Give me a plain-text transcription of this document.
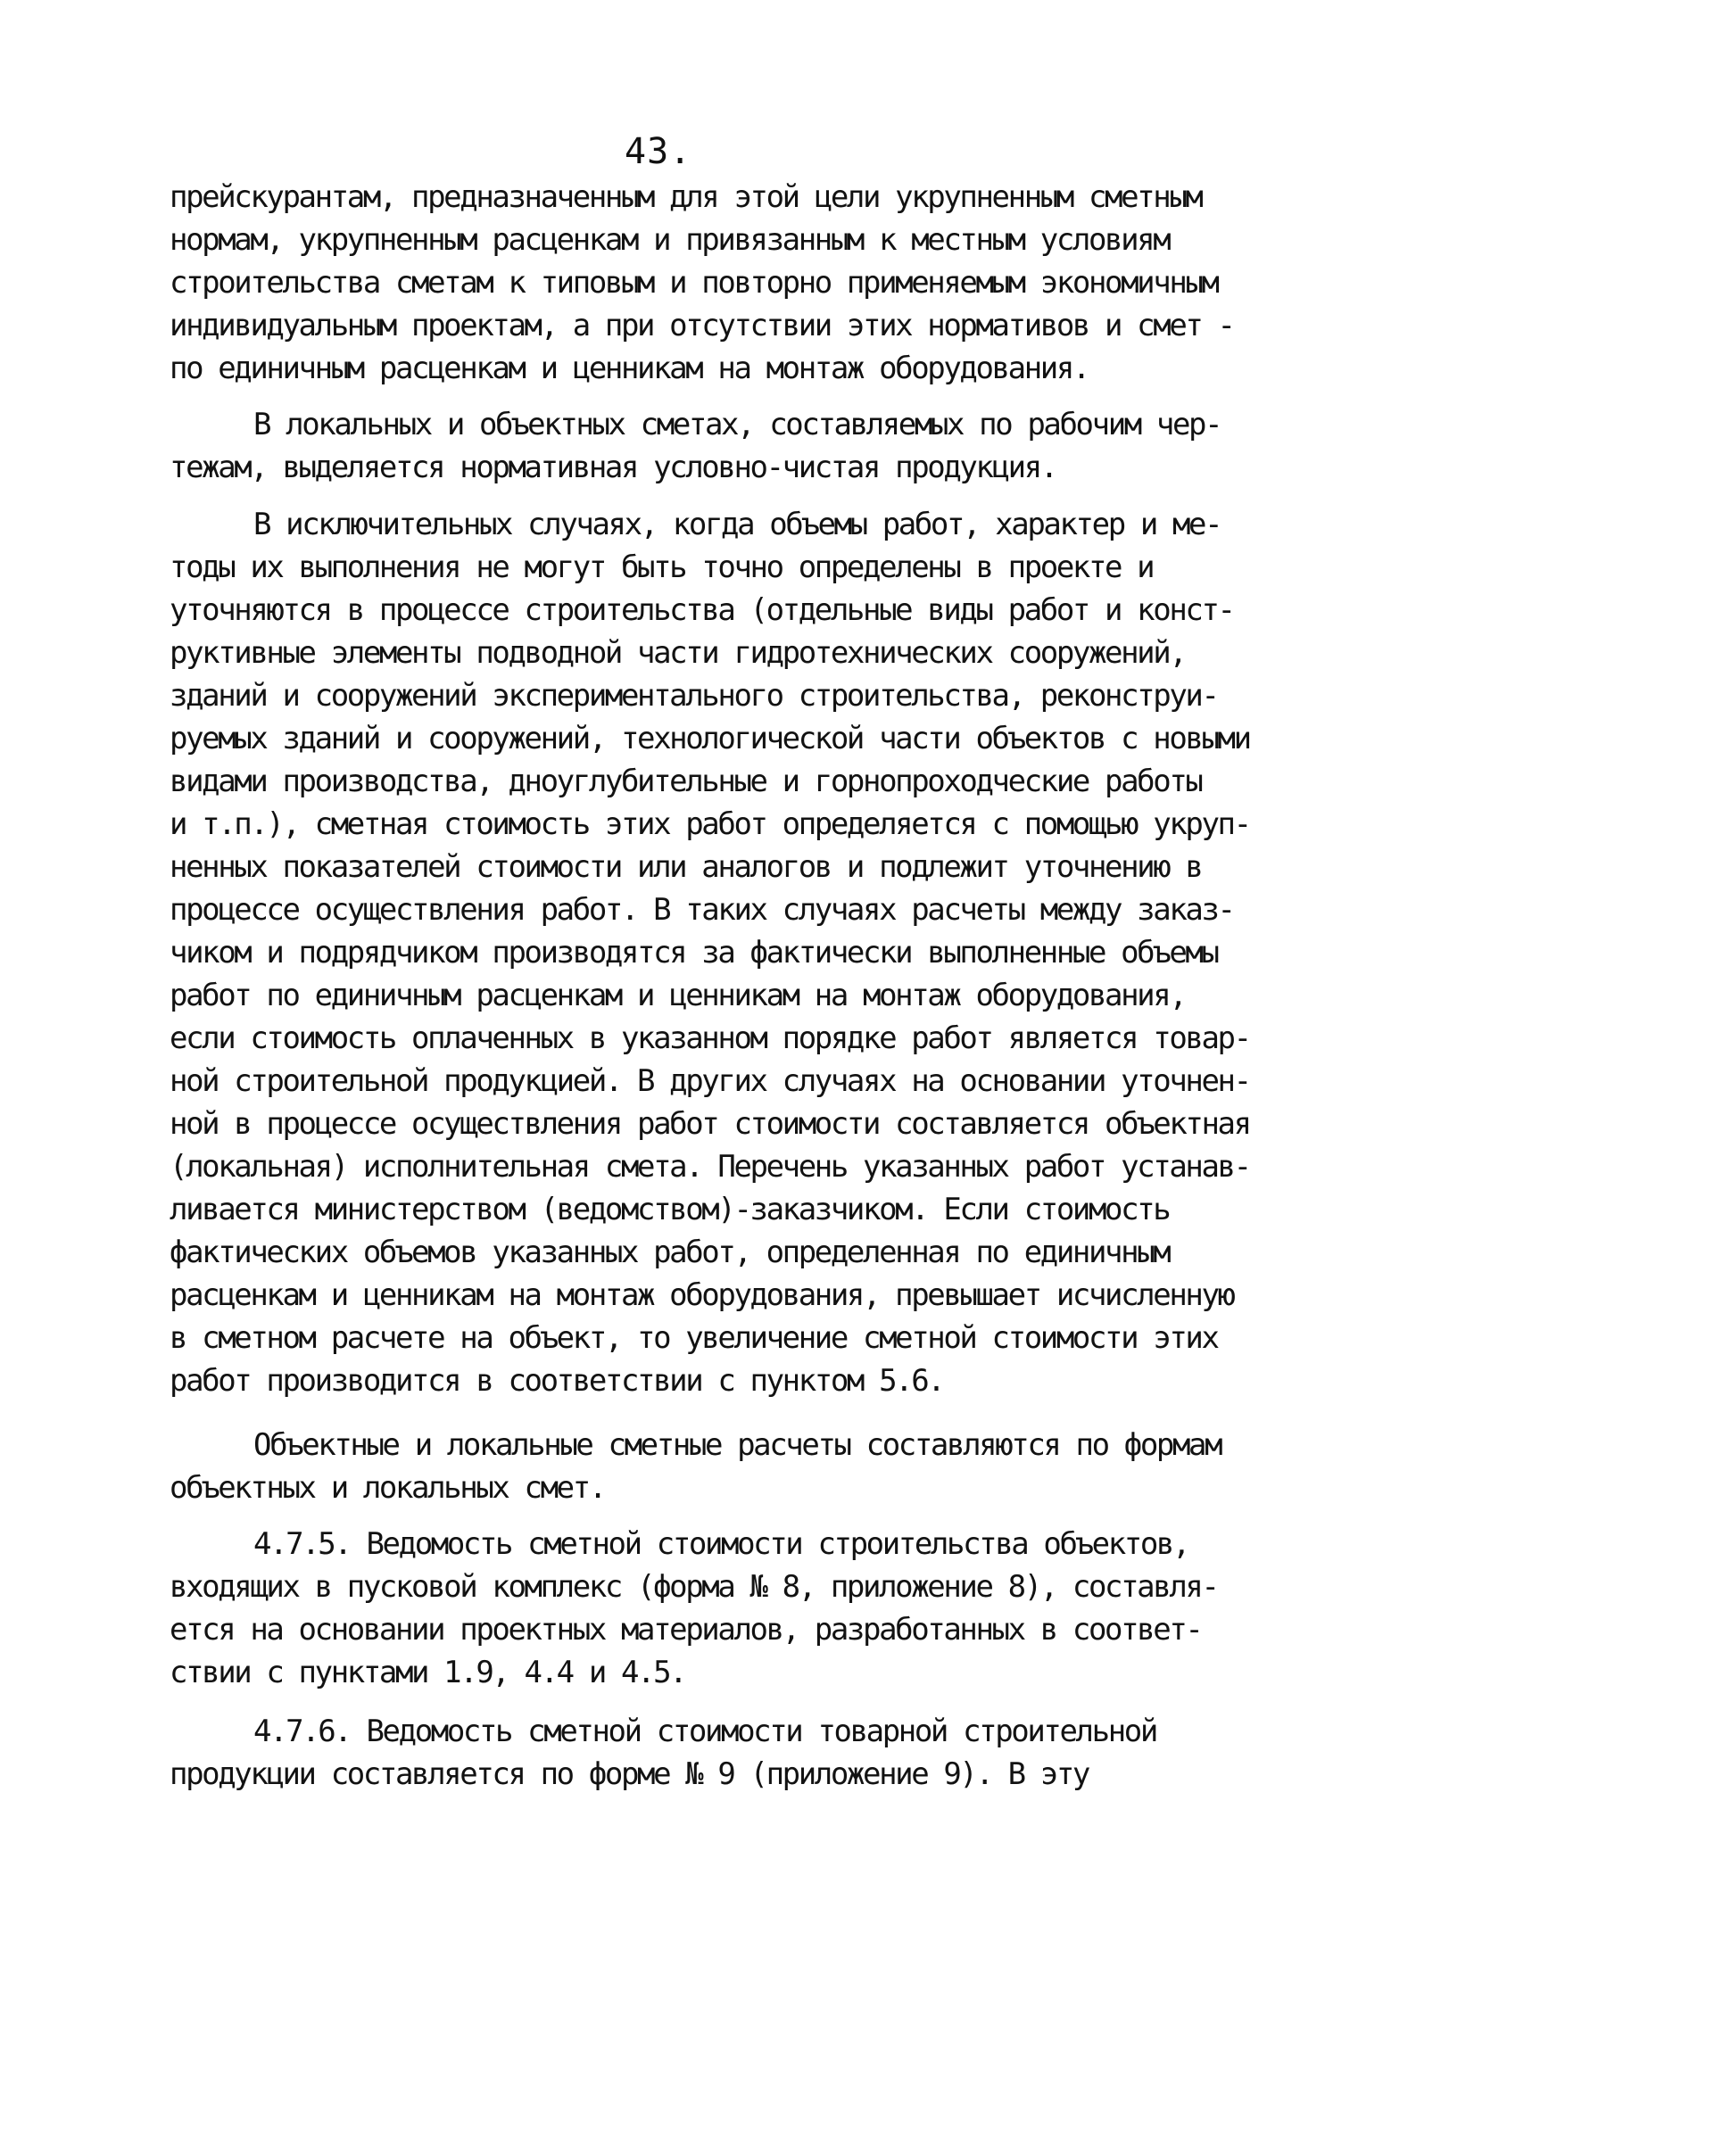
43.
прейскурантам, предназначенным для этой цели укрупненным сметным
нормам, укрупненным расценкам и привязанным к местным условиям
строительства сметам к типовым и повторно применяемым экономичным
индивидуальным проектам, а при отсутствии этих нормативов и смет -
по единичным расценкам и ценникам на монтаж оборудования.
В локальных и объектных сметах, составляемых по рабочим чер-
тежам, выделяется нормативная условно-чистая продукция.
В исключительных случаях, когда объемы работ, характер и ме-
тоды их выполнения не могут быть точно определены в проекте и
уточняются в процессе строительства (отдельные виды работ и конст-
руктивные элементы подводной части гидротехнических сооружений,
зданий и сооружений экспериментального строительства, реконструи-
руемых зданий и сооружений, технологической части объектов с новыми
видами производства, дноуглубительные и горнопроходческие работы
и т.п.), сметная стоимость этих работ определяется с помощью укруп-
ненных показателей стоимости или аналогов и подлежит уточнению в
процессе осуществления работ. В таких случаях расчеты между заказ-
чиком и подрядчиком производятся за фактически выполненные объемы
работ по единичным расценкам и ценникам на монтаж оборудования,
если стоимость оплаченных в указанном порядке работ является товар-
ной строительной продукцией. В других случаях на основании уточнен-
ной в процессе осуществления работ стоимости составляется объектная
(локальная) исполнительная смета. Перечень указанных работ устанав-
ливается министерством (ведомством)-заказчиком. Если стоимость
фактических объемов указанных работ, определенная по единичным
расценкам и ценникам на монтаж оборудования, превышает исчисленную
в сметном расчете на объект, то увеличение сметной стоимости этих
работ производится в соответствии с пунктом 5.6.
Объектные и локальные сметные расчеты составляются по формам
объектных и локальных смет.
4.7.5. Ведомость сметной стоимости строительства объектов,
входящих в пусковой комплекс (форма № 8, приложение 8), составля-
ется на основании проектных материалов, разработанных в соответ-
ствии с пунктами 1.9, 4.4 и 4.5.
4.7.6. Ведомость сметной стоимости товарной строительной
продукции составляется по форме № 9 (приложение 9). В эту
